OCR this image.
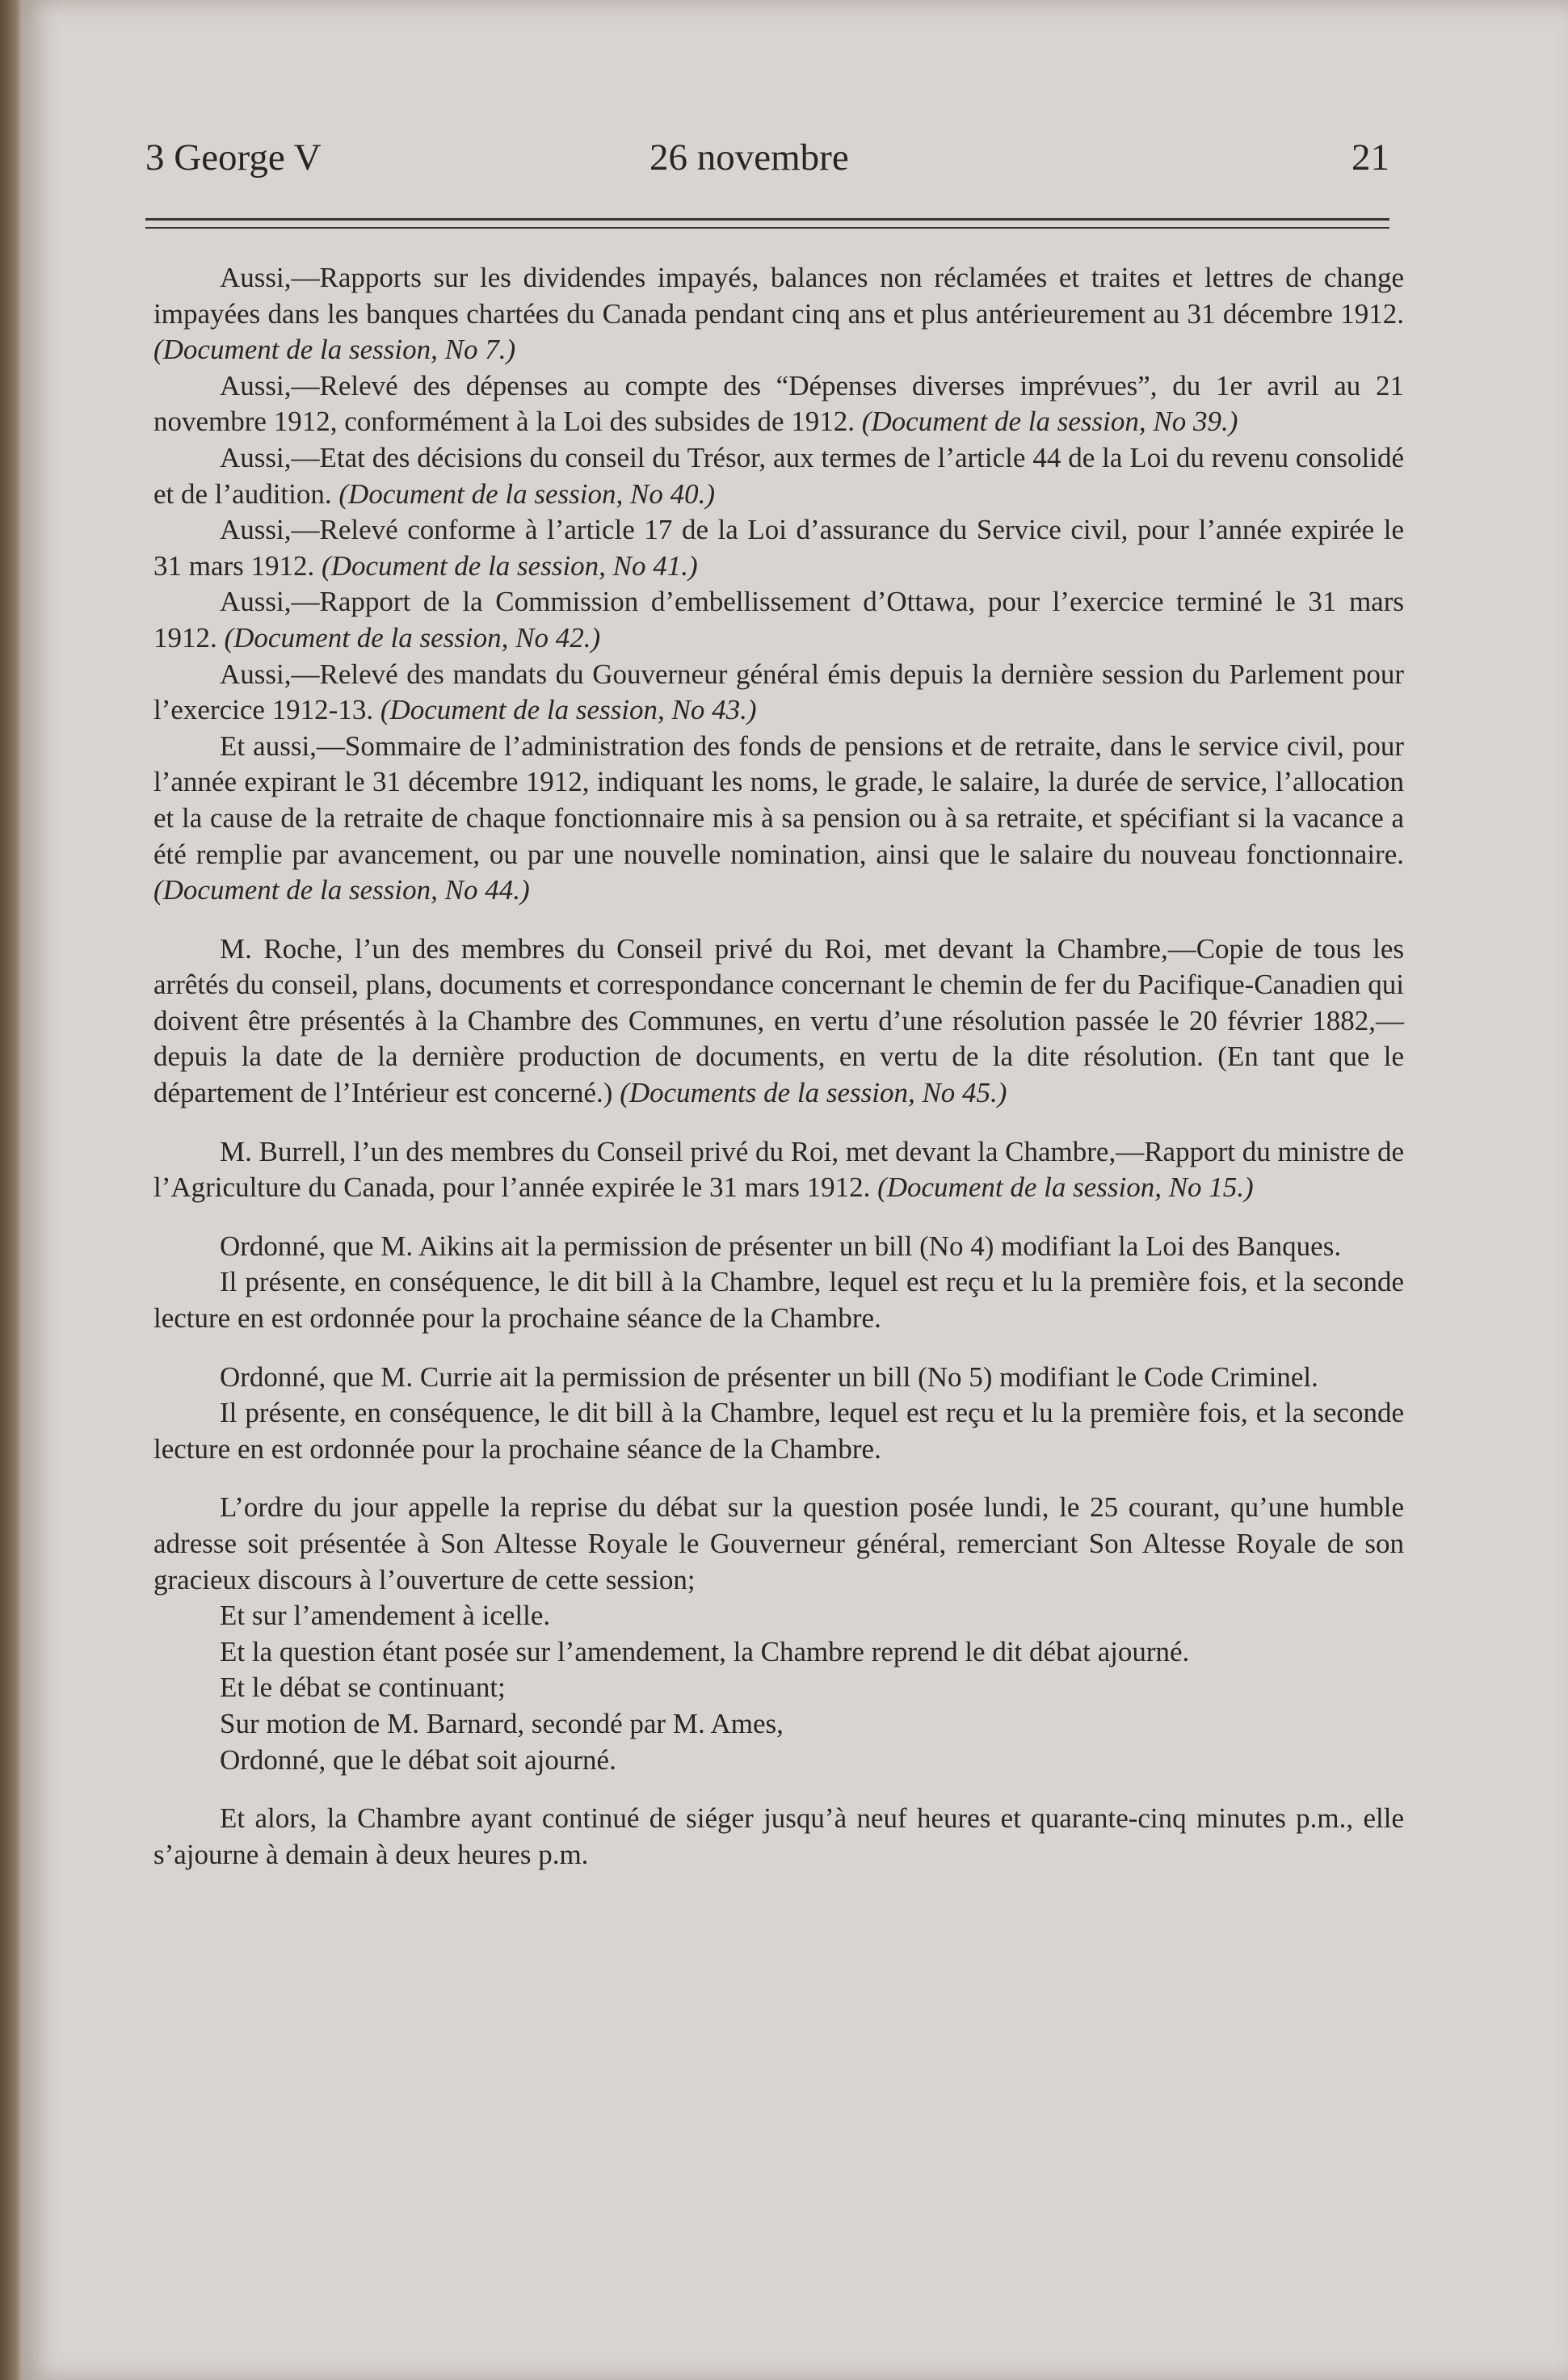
3 George V	26 novembre	21

Aussi,—Rapports sur les dividendes impayés, balances non réclamées et traites et lettres de change impayées dans les banques chartées du Canada pendant cinq ans et plus antérieurement au 31 décembre 1912. (Document de la session, No 7.)

Aussi,—Relevé des dépenses au compte des “Dépenses diverses imprévues”, du 1er avril au 21 novembre 1912, conformément à la Loi des subsides de 1912. (Document de la session, No 39.)

Aussi,—Etat des décisions du conseil du Trésor, aux termes de l’article 44 de la Loi du revenu consolidé et de l’audition. (Document de la session, No 40.)

Aussi,—Relevé conforme à l’article 17 de la Loi d’assurance du Service civil, pour l’année expirée le 31 mars 1912. (Document de la session, No 41.)

Aussi,—Rapport de la Commission d’embellissement d’Ottawa, pour l’exercice terminé le 31 mars 1912. (Document de la session, No 42.)

Aussi,—Relevé des mandats du Gouverneur général émis depuis la dernière session du Parlement pour l’exercice 1912-13. (Document de la session, No 43.)

Et aussi,—Sommaire de l’administration des fonds de pensions et de retraite, dans le service civil, pour l’année expirant le 31 décembre 1912, indiquant les noms, le grade, le salaire, la durée de service, l’allocation et la cause de la retraite de chaque fonctionnaire mis à sa pension ou à sa retraite, et spécifiant si la vacance a été remplie par avancement, ou par une nouvelle nomination, ainsi que le salaire du nouveau fonctionnaire. (Document de la session, No 44.)

M. Roche, l’un des membres du Conseil privé du Roi, met devant la Chambre,—Copie de tous les arrêtés du conseil, plans, documents et correspondance concernant le chemin de fer du Pacifique-Canadien qui doivent être présentés à la Chambre des Communes, en vertu d’une résolution passée le 20 février 1882,—depuis la date de la dernière production de documents, en vertu de la dite résolution. (En tant que le département de l’Intérieur est concerné.) (Documents de la session, No 45.)

M. Burrell, l’un des membres du Conseil privé du Roi, met devant la Chambre,—Rapport du ministre de l’Agriculture du Canada, pour l’année expirée le 31 mars 1912. (Document de la session, No 15.)

Ordonné, que M. Aikins ait la permission de présenter un bill (No 4) modifiant la Loi des Banques.

Il présente, en conséquence, le dit bill à la Chambre, lequel est reçu et lu la première fois, et la seconde lecture en est ordonnée pour la prochaine séance de la Chambre.

Ordonné, que M. Currie ait la permission de présenter un bill (No 5) modifiant le Code Criminel.

Il présente, en conséquence, le dit bill à la Chambre, lequel est reçu et lu la première fois, et la seconde lecture en est ordonnée pour la prochaine séance de la Chambre.

L’ordre du jour appelle la reprise du débat sur la question posée lundi, le 25 courant, qu’une humble adresse soit présentée à Son Altesse Royale le Gouverneur général, remerciant Son Altesse Royale de son gracieux discours à l’ouverture de cette session;

Et sur l’amendement à icelle.

Et la question étant posée sur l’amendement, la Chambre reprend le dit débat ajourné.

Et le débat se continuant;

Sur motion de M. Barnard, secondé par M. Ames,

Ordonné, que le débat soit ajourné.

Et alors, la Chambre ayant continué de siéger jusqu’à neuf heures et quarante-cinq minutes p.m., elle s’ajourne à demain à deux heures p.m.
